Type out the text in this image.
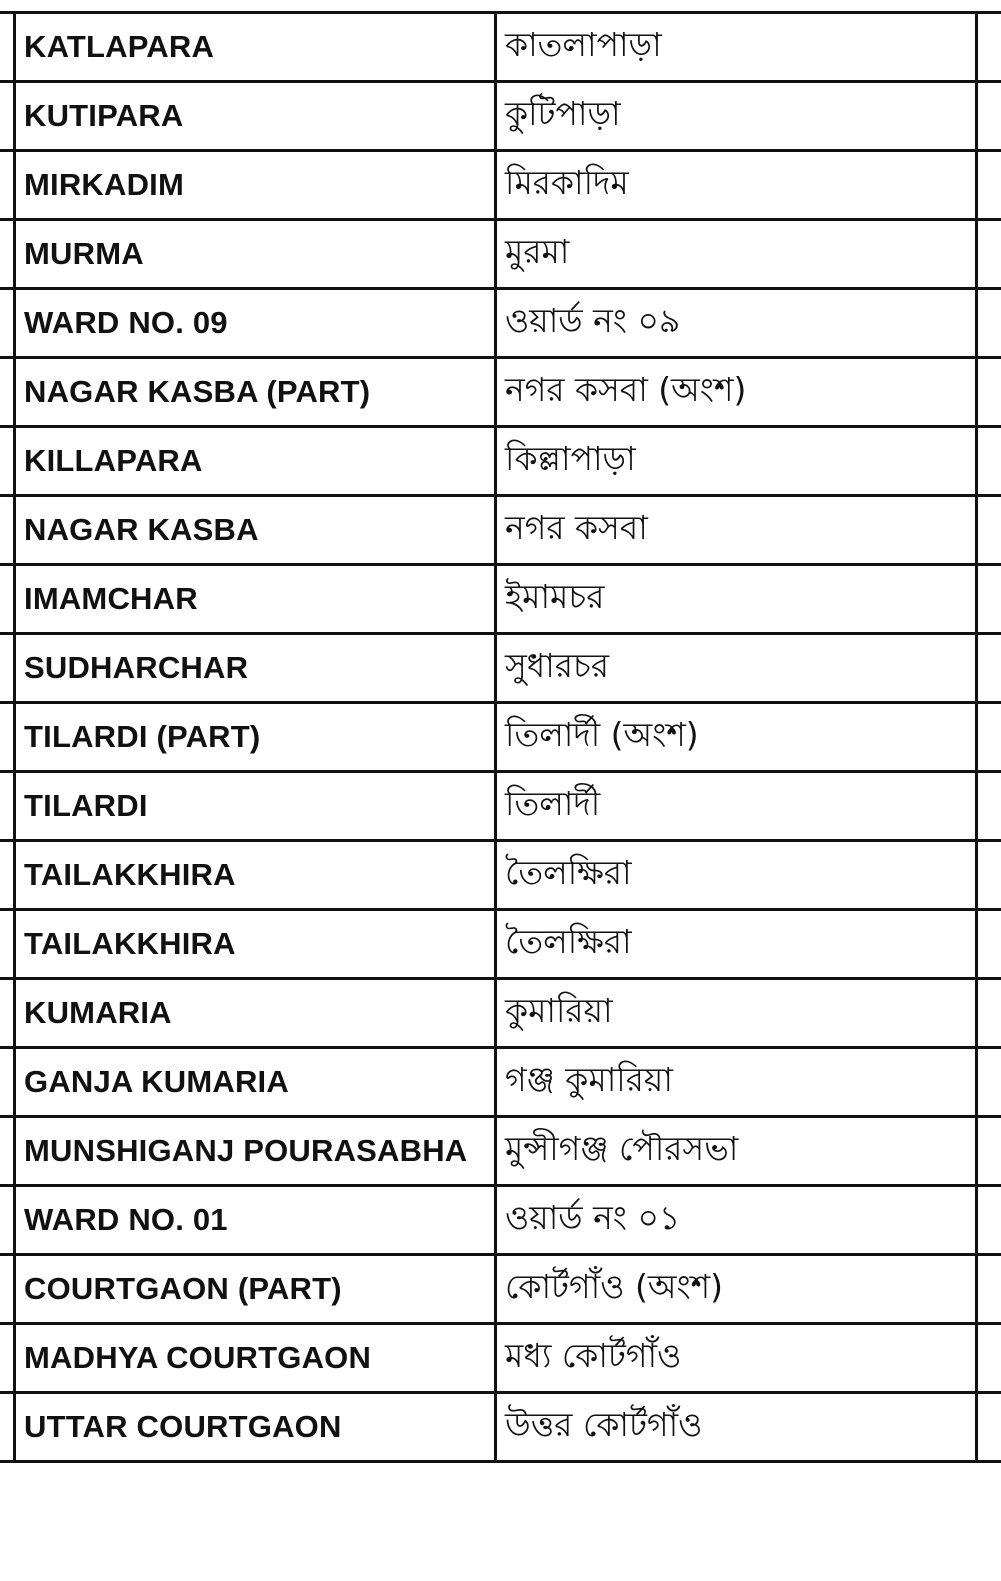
KATLAPARA	কাতলাপাড়া
KUTIPARA	কুটিপাড়া
MIRKADIM	মিরকাদিম
MURMA	মুরমা
WARD NO. 09	ওয়ার্ড নং ০৯
NAGAR KASBA (PART)	নগর কসবা (অংশ)
KILLAPARA	কিল্লাপাড়া
NAGAR KASBA	নগর কসবা
IMAMCHAR	ইমামচর
SUDHARCHAR	সুধারচর
TILARDI (PART)	তিলার্দী (অংশ)
TILARDI	তিলার্দী
TAILAKKHIRA	তৈলক্ষিরা
TAILAKKHIRA	তৈলক্ষিরা
KUMARIA	কুমারিয়া
GANJA KUMARIA	গঞ্জ কুমারিয়া
MUNSHIGANJ POURASABHA	মুন্সীগঞ্জ পৌরসভা
WARD NO. 01	ওয়ার্ড নং ০১
COURTGAON (PART)	কোর্টগাঁও (অংশ)
MADHYA COURTGAON	মধ্য কোর্টগাঁও
UTTAR COURTGAON	উত্তর কোর্টগাঁও
